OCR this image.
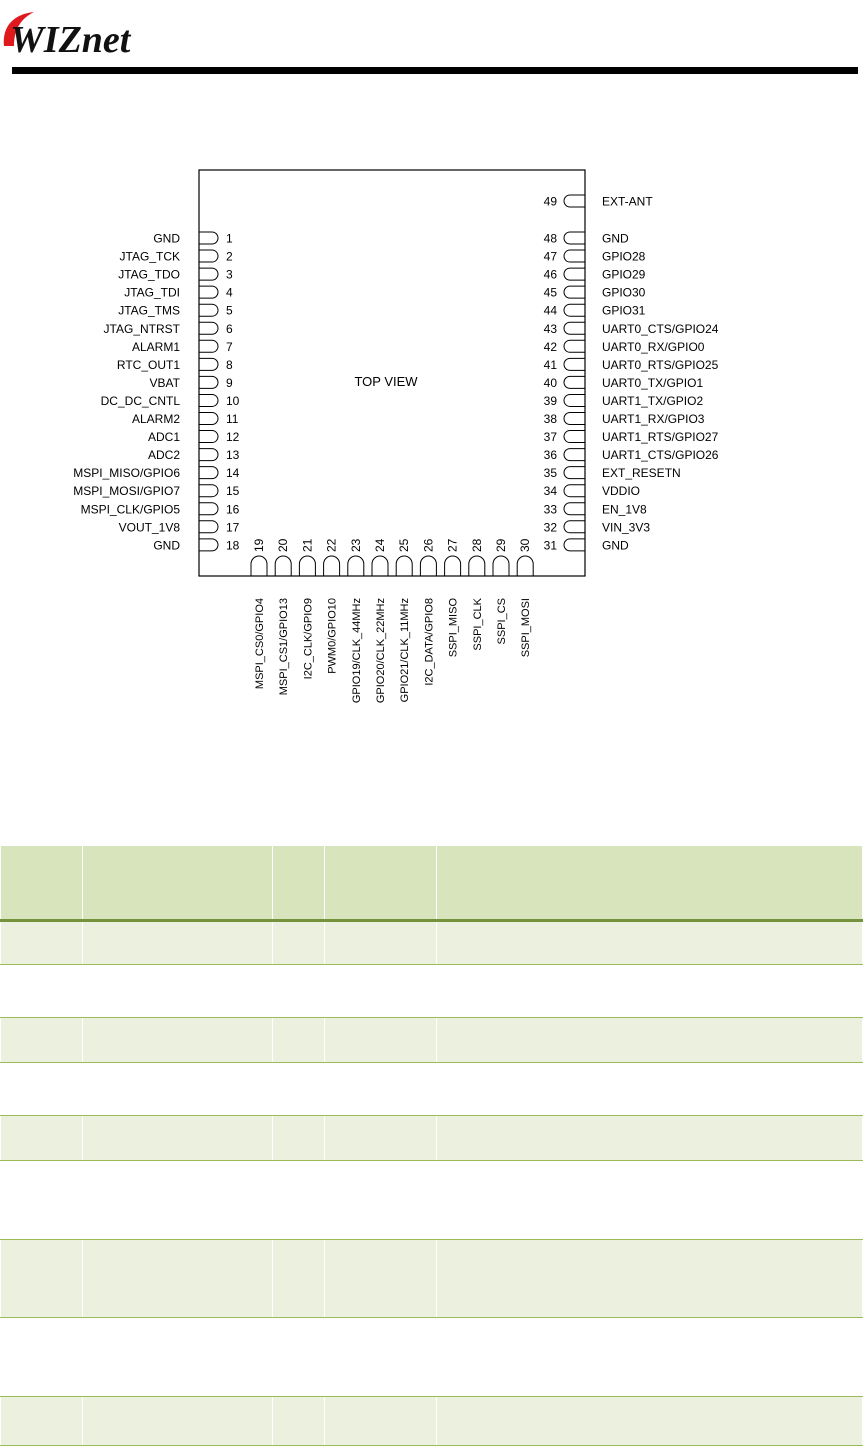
WIZnet
TOP VIEW
1
GND
2
JTAG_TCK
3
JTAG_TDO
4
JTAG_TDI
5
JTAG_TMS
6
JTAG_NTRST
7
ALARM1
8
RTC_OUT1
9
VBAT
10
DC_DC_CNTL
11
ALARM2
12
ADC1
13
ADC2
14
MSPI_MISO/GPIO6
15
MSPI_MOSI/GPIO7
16
MSPI_CLK/GPIO5
17
VOUT_1V8
18
GND
49	EXT-ANT
48	GND
47	GPIO28
46	GPIO29
45	GPIO30
44	GPIO31
43	UART0_CTS/GPIO24
42	UART0_RX/GPIO0
41	UART0_RTS/GPIO25
40	UART0_TX/GPIO1
39	UART1_TX/GPIO2
38	UART1_RX/GPIO3
37	UART1_RTS/GPIO27
36	UART1_CTS/GPIO26
35	EXT_RESETN
34	VDDIO
33	EN_1V8
32	VIN_3V3
31	GND
19
MSPI_CS0/GPIO4
20
MSPI_CS1/GPIO13
21
I2C_CLK/GPIO9
22
PWM0/GPIO10
23
GPIO19/CLK_44MHz
24
GPIO20/CLK_22MHz
25
GPIO21/CLK_11MHz
26
I2C_DATA/GPIO8
27
SSPI_MISO
28
SSPI_CLK
29
SSPI_CS
30
SSPI_MOSI
